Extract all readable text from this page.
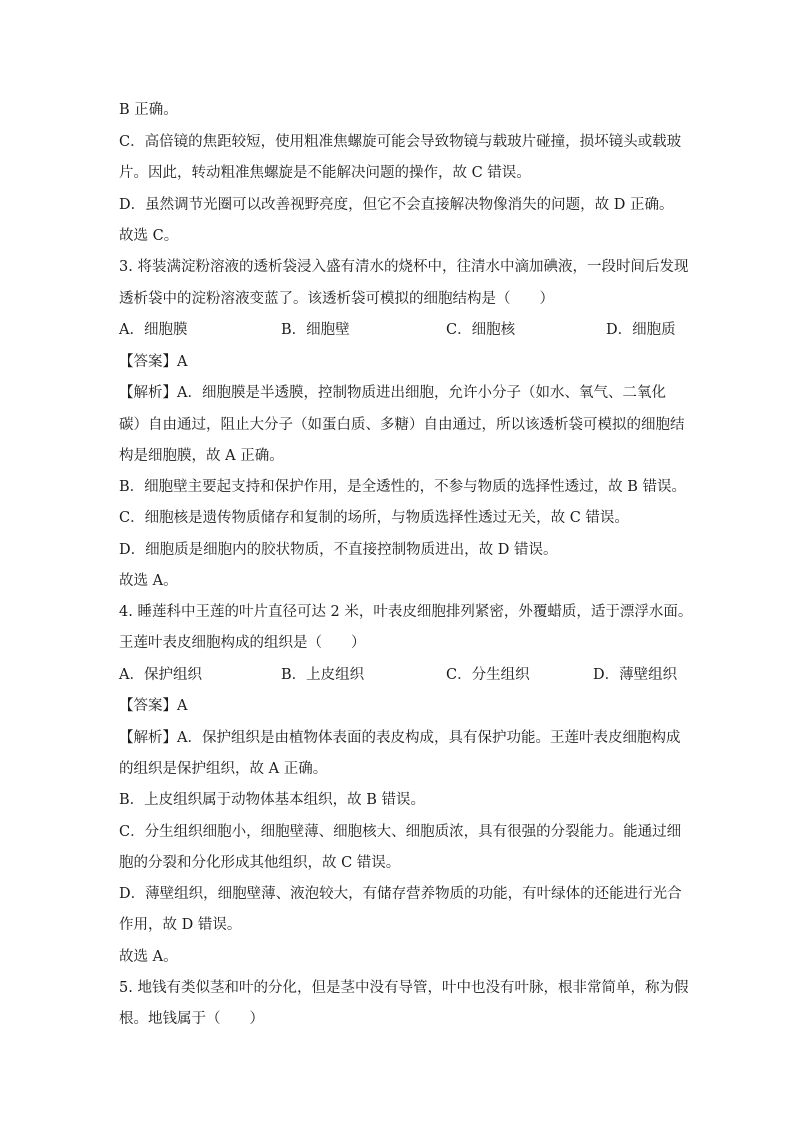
B 正确。
C．高倍镜的焦距较短，使用粗准焦螺旋可能会导致物镜与载玻片碰撞，损坏镜头或载玻
片。因此，转动粗准焦螺旋是不能解决问题的操作，故 C 错误。
D．虽然调节光圈可以改善视野亮度，但它不会直接解决物像消失的问题，故 D 正确。
故选 C。
3. 将装满淀粉溶液的透析袋浸入盛有清水的烧杯中，往清水中滴加碘液，一段时间后发现
透析袋中的淀粉溶液变蓝了。该透析袋可模拟的细胞结构是（　　）
A．细胞膜	B．细胞壁	C．细胞核	D．细胞质
【答案】A
【解析】A．细胞膜是半透膜，控制物质进出细胞，允许小分子（如水、氧气、二氧化
碳）自由通过，阻止大分子（如蛋白质、多糖）自由通过，所以该透析袋可模拟的细胞结
构是细胞膜，故 A 正确。
B．细胞壁主要起支持和保护作用，是全透性的，不参与物质的选择性透过，故 B 错误。
C．细胞核是遗传物质储存和复制的场所，与物质选择性透过无关，故 C 错误。
D．细胞质是细胞内的胶状物质，不直接控制物质进出，故 D 错误。
故选 A。
4. 睡莲科中王莲的叶片直径可达 2 米，叶表皮细胞排列紧密，外覆蜡质，适于漂浮水面。
王莲叶表皮细胞构成的组织是（　　）
A．保护组织	B．上皮组织	C．分生组织	D．薄壁组织
【答案】A
【解析】A．保护组织是由植物体表面的表皮构成，具有保护功能。王莲叶表皮细胞构成
的组织是保护组织，故 A 正确。
B．上皮组织属于动物体基本组织，故 B 错误。
C．分生组织细胞小，细胞壁薄、细胞核大、细胞质浓，具有很强的分裂能力。能通过细
胞的分裂和分化形成其他组织，故 C 错误。
D．薄壁组织，细胞壁薄、液泡较大，有储存营养物质的功能，有叶绿体的还能进行光合
作用，故 D 错误。
故选 A。
5. 地钱有类似茎和叶的分化，但是茎中没有导管，叶中也没有叶脉，根非常简单，称为假
根。地钱属于（　　）
